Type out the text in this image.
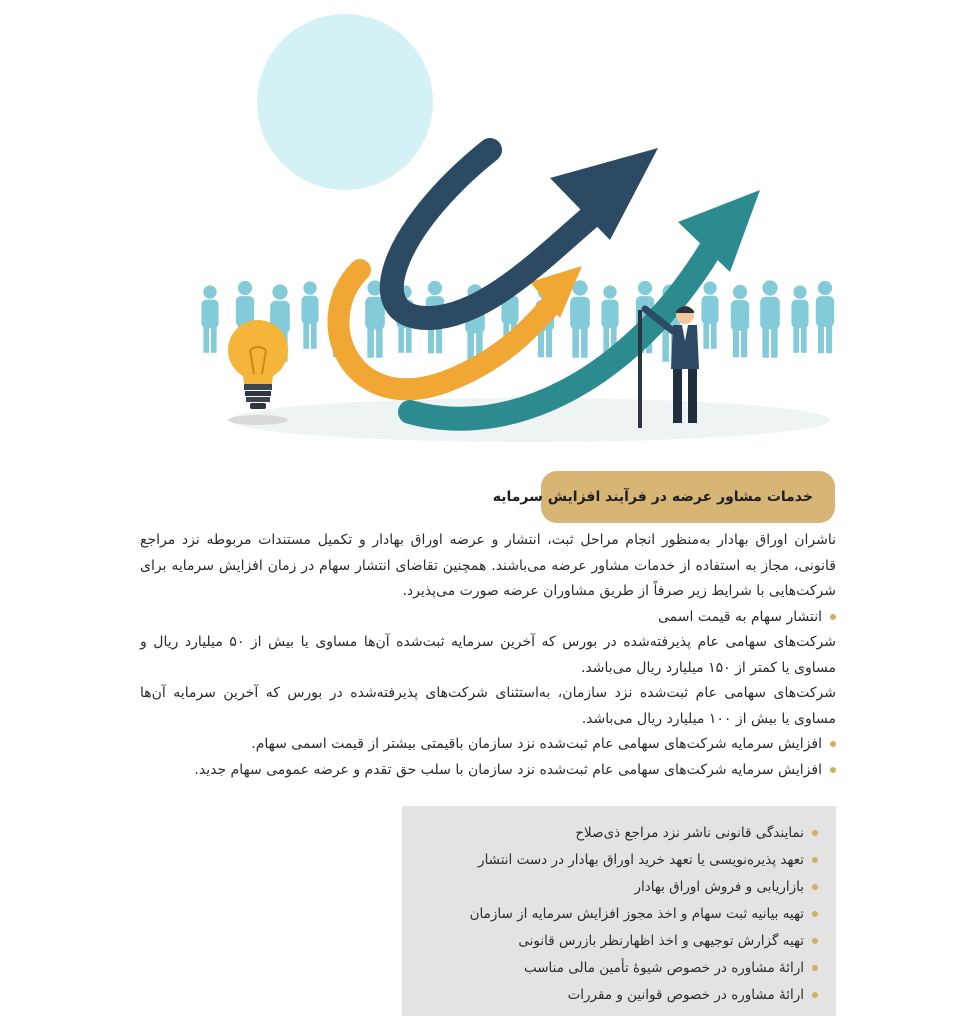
خدمات مشاور عرضه در فرآیند افزایش سرمایه

ناشران اوراق بهادار به‌منظور انجام مراحل ثبت، انتشار و عرضه اوراق بهادار و تکمیل مستندات مربوطه نزد مراجع قانونی، مجاز به استفاده از خدمات مشاور عرضه می‌باشند. همچنین تقاضای انتشار سهام در زمان افزایش سرمایه برای شرکت‌هایی با شرایط زیر صرفاً از طریق مشاوران عرضه صورت می‌پذیرد.

انتشار سهام به قیمت اسمی

شرکت‌های سهامی عام پذیرفته‌شده در بورس که آخرین سرمایه ثبت‌شده آن‌ها مساوی یا بیش از ۵۰ میلیارد ریال و مساوی یا کمتر از ۱۵۰ میلیارد ریال می‌باشد.

شرکت‌های سهامی عام ثبت‌شده نزد سازمان، به‌استثنای شرکت‌های پذیرفته‌شده در بورس که آخرین سرمایه آن‌ها مساوی یا بیش از ۱۰۰ میلیارد ریال می‌باشد.

افزایش سرمایه شرکت‌های سهامی عام ثبت‌شده نزد سازمان باقیمتی بیشتر از قیمت اسمی سهام.
افزایش سرمایه شرکت‌های سهامی عام ثبت‌شده نزد سازمان با سلب حق تقدم و عرضه عمومی سهام جدید.
نمایندگی قانونی ناشر نزد مراجع ذی‌صلاح
تعهد پذیره‌نویسی یا تعهد خرید اوراق بهادار در دست انتشار
بازاریابی و فروش اوراق بهادار
تهیه بیانیه ثبت سهام و اخذ مجوز افزایش سرمایه از سازمان
تهیه گزارش توجیهی و اخذ اظهارنظر بازرس قانونی
ارائهٔ مشاوره در خصوص شیوهٔ تأمین مالی مناسب
ارائهٔ مشاوره در خصوص قوانین و مقررات
